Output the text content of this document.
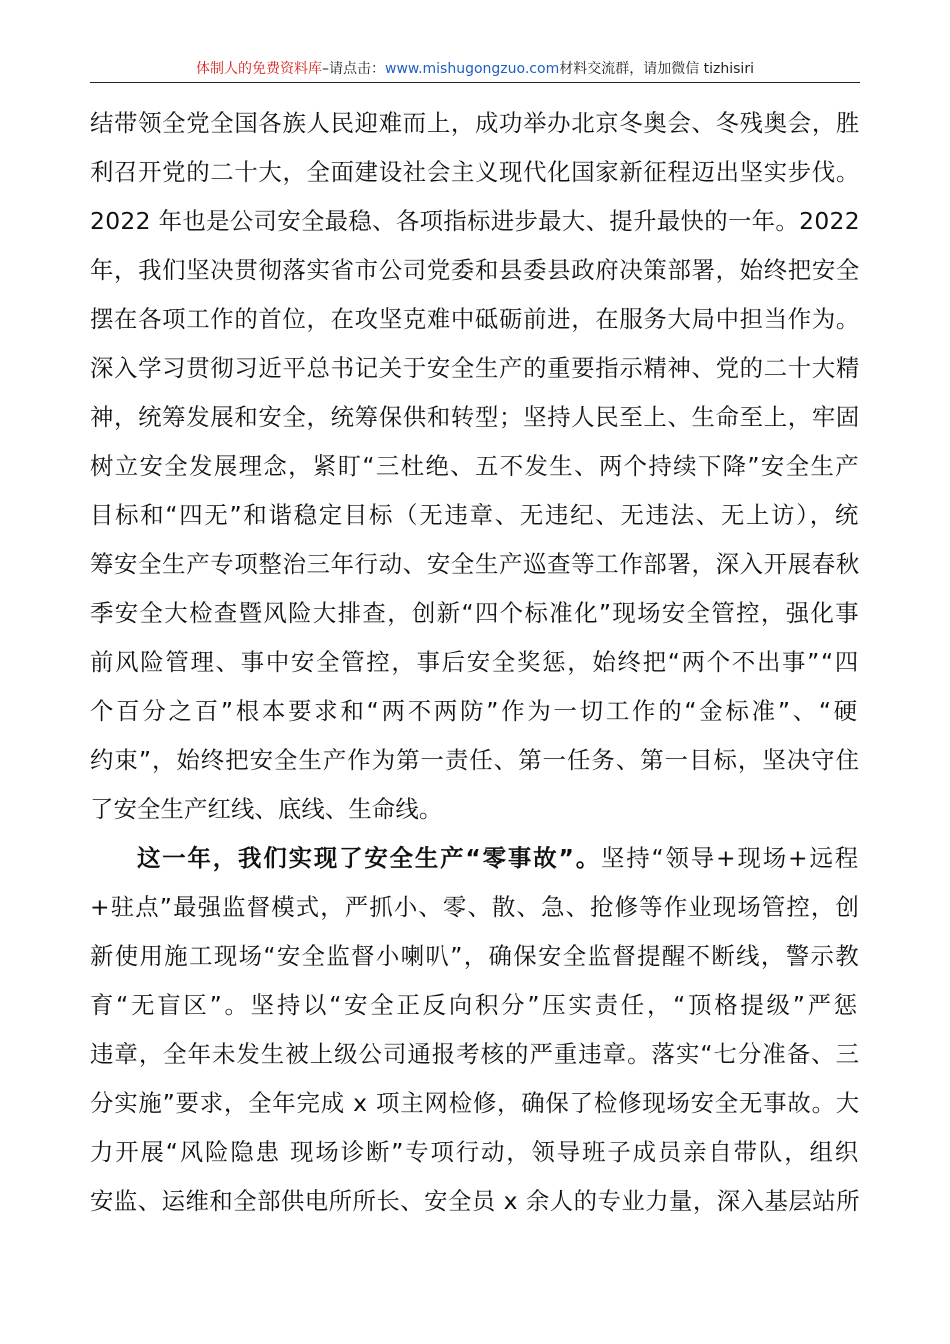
体制人的免费资料库–请点击：www.mishugongzuo.com材料交流群，请加微信 tizhisiri
结带领全党全国各族人民迎难而上，成功举办北京冬奥会、冬残奥会，胜
利召开党的二十大，全面建设社会主义现代化国家新征程迈出坚实步伐。
2022 年也是公司安全最稳、各项指标进步最大、提升最快的一年。2022
年，我们坚决贯彻落实省市公司党委和县委县政府决策部署，始终把安全
摆在各项工作的首位，在攻坚克难中砥砺前进，在服务大局中担当作为。
深入学习贯彻习近平总书记关于安全生产的重要指示精神、党的二十大精
神，统筹发展和安全，统筹保供和转型；坚持人民至上、生命至上，牢固
树立安全发展理念，紧盯“三杜绝、五不发生、两个持续下降”安全生产
目标和“四无”和谐稳定目标（无违章、无违纪、无违法、无上访），统
筹安全生产专项整治三年行动、安全生产巡查等工作部署，深入开展春秋
季安全大检查暨风险大排查，创新“四个标准化”现场安全管控，强化事
前风险管理、事中安全管控，事后安全奖惩，始终把“两个不出事”“四
个百分之百”根本要求和“两不两防”作为一切工作的“金标准”、“硬
约束”，始终把安全生产作为第一责任、第一任务、第一目标，坚决守住
了安全生产红线、底线、生命线。
这一年，我们实现了安全生产“零事故”。坚持“领导+现场+远程
+驻点”最强监督模式，严抓小、零、散、急、抢修等作业现场管控，创
新使用施工现场“安全监督小喇叭”，确保安全监督提醒不断线，警示教
育“无盲区”。坚持以“安全正反向积分”压实责任，“顶格提级”严惩
违章，全年未发生被上级公司通报考核的严重违章。落实“七分准备、三
分实施”要求，全年完成 x 项主网检修，确保了检修现场安全无事故。大
力开展“风险隐患 现场诊断”专项行动，领导班子成员亲自带队，组织
安监、运维和全部供电所所长、安全员 x 余人的专业力量，深入基层站所
